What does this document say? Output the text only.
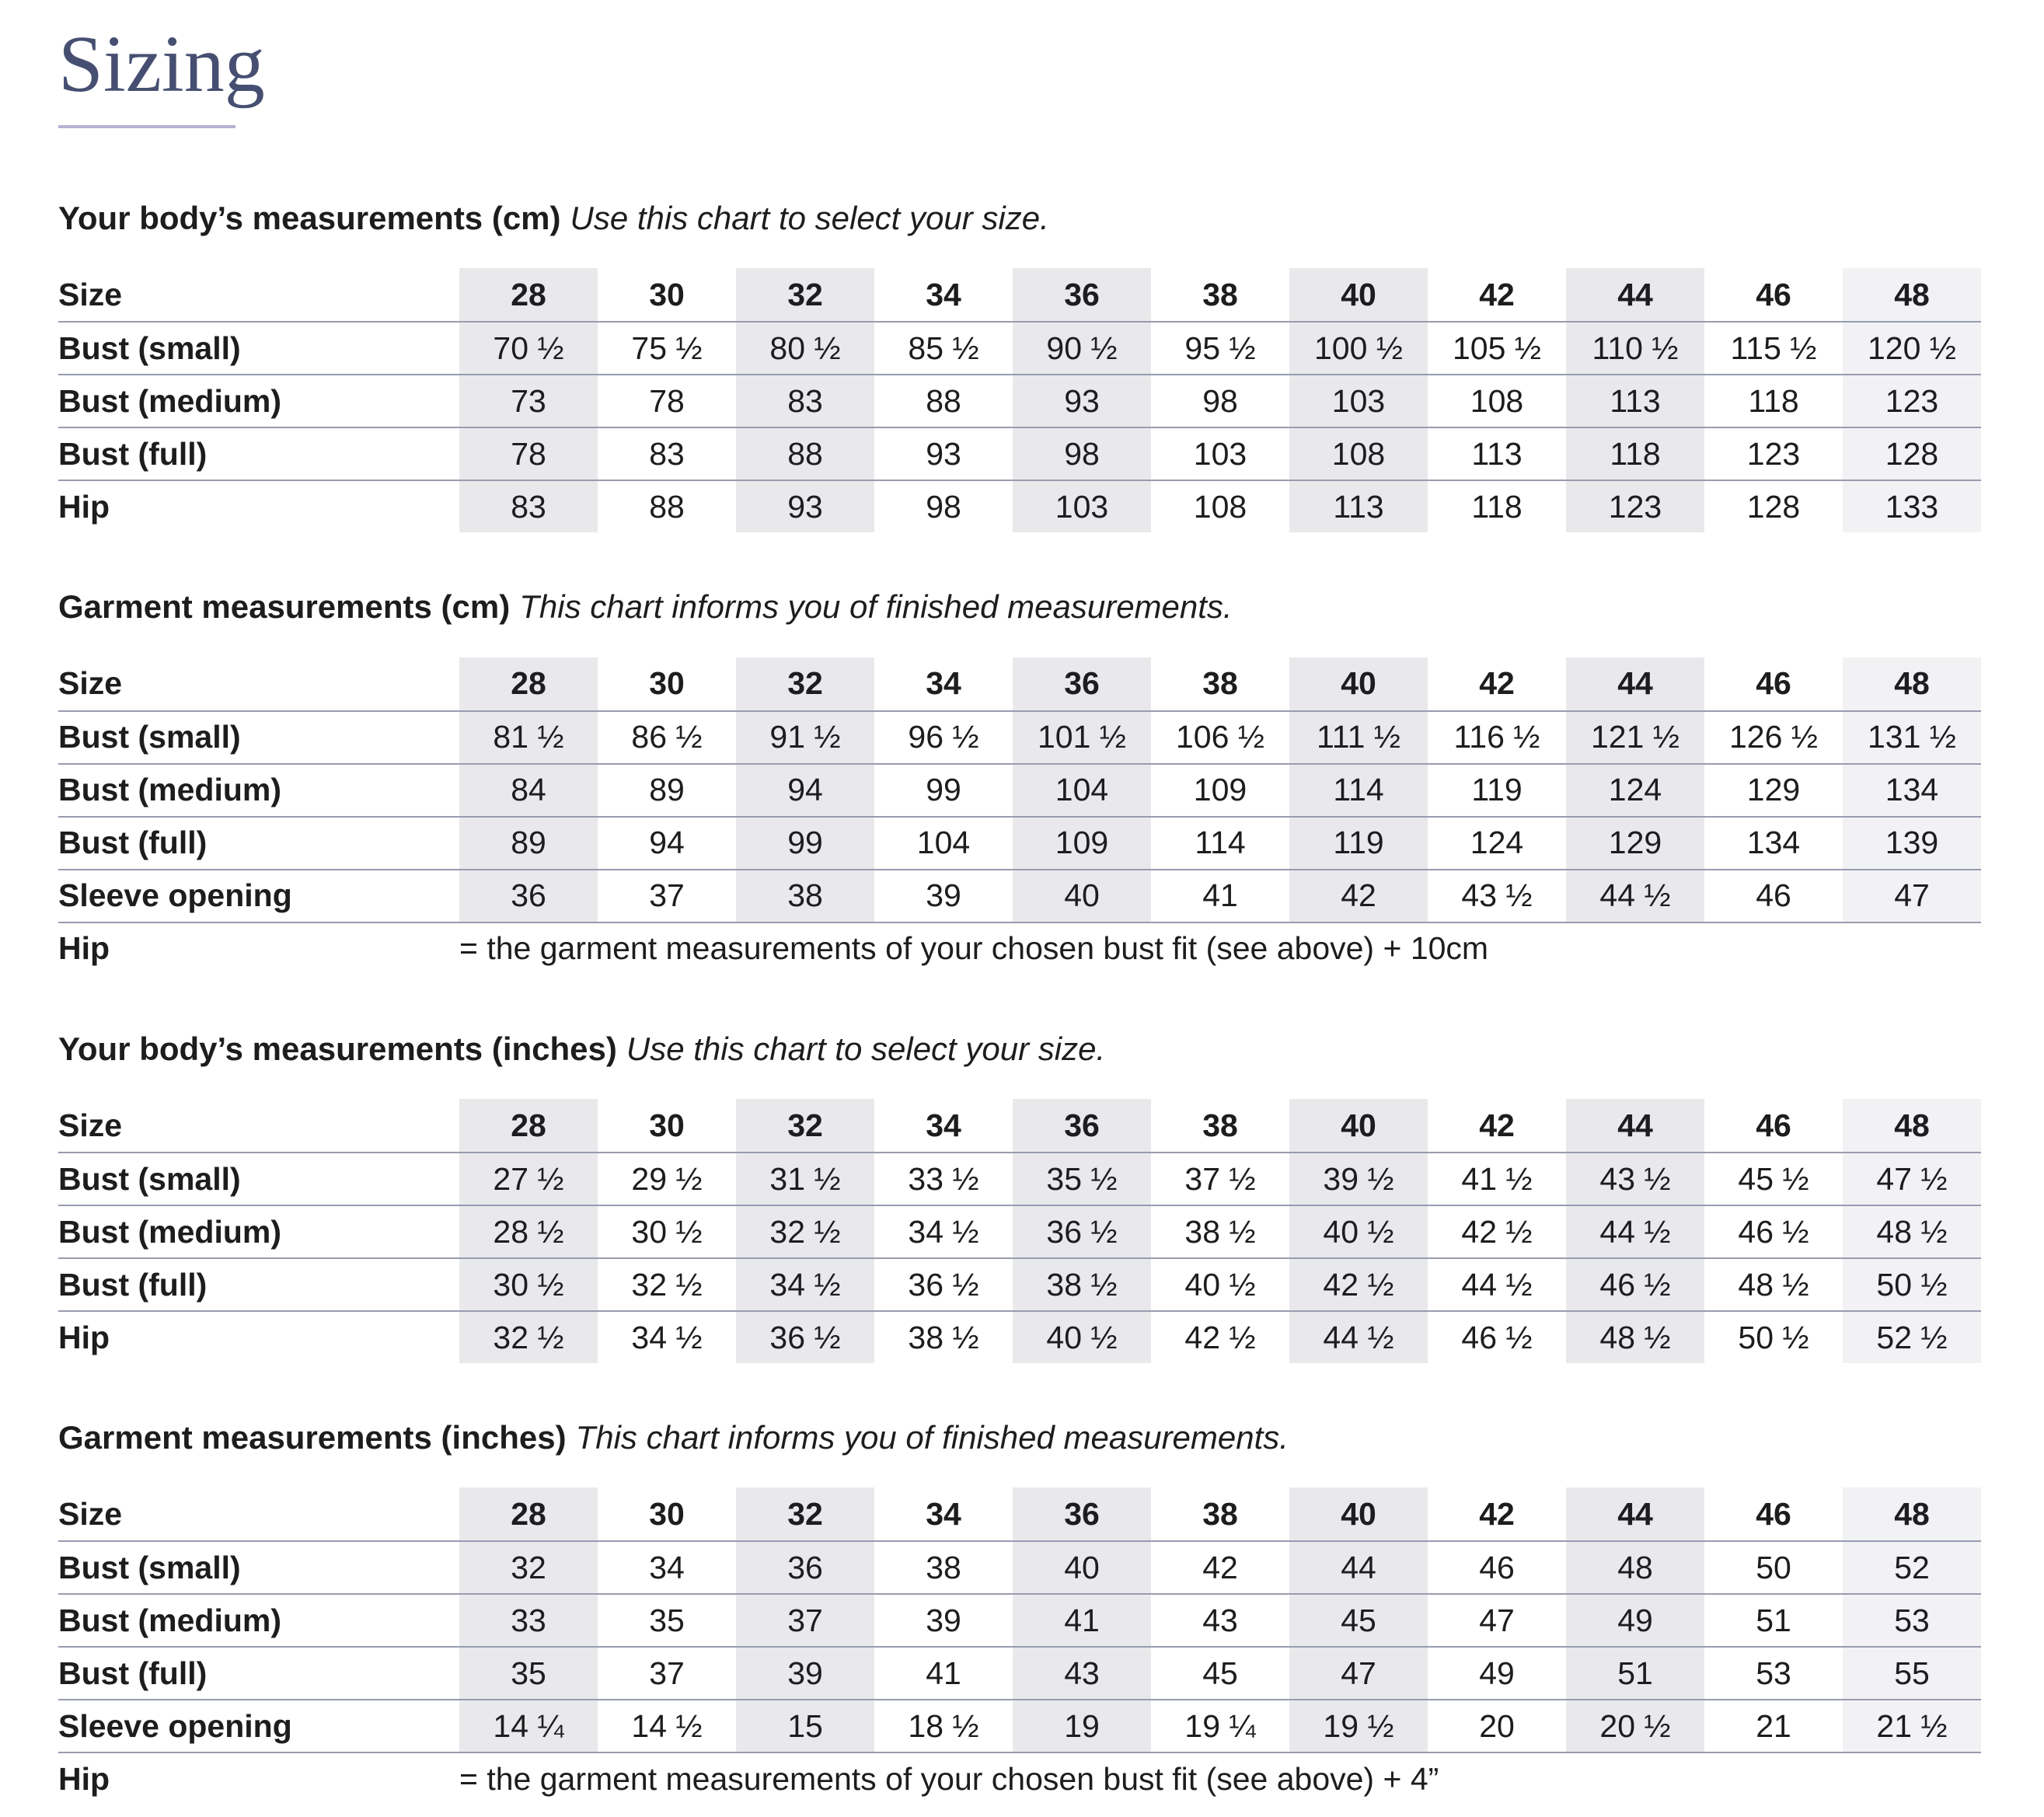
Sizing
Your body’s measurements (cm) Use this chart to select your size.
Size	28	30	32	34	36	38	40	42	44	46	48
Bust (small)	70 ½	75 ½	80 ½	85 ½	90 ½	95 ½	100 ½	105 ½	110 ½	115 ½	120 ½
Bust (medium)	73	78	83	88	93	98	103	108	113	118	123
Bust (full)	78	83	88	93	98	103	108	113	118	123	128
Hip	83	88	93	98	103	108	113	118	123	128	133
Garment measurements (cm) This chart informs you of finished measurements.
Size	28	30	32	34	36	38	40	42	44	46	48
Bust (small)	81 ½	86 ½	91 ½	96 ½	101 ½	106 ½	111 ½	116 ½	121 ½	126 ½	131 ½
Bust (medium)	84	89	94	99	104	109	114	119	124	129	134
Bust (full)	89	94	99	104	109	114	119	124	129	134	139
Sleeve opening	36	37	38	39	40	41	42	43 ½	44 ½	46	47
Hip	= the garment measurements of your chosen bust fit (see above) + 10cm
Your body’s measurements (inches) Use this chart to select your size.
Size	28	30	32	34	36	38	40	42	44	46	48
Bust (small)	27 ½	29 ½	31 ½	33 ½	35 ½	37 ½	39 ½	41 ½	43 ½	45 ½	47 ½
Bust (medium)	28 ½	30 ½	32 ½	34 ½	36 ½	38 ½	40 ½	42 ½	44 ½	46 ½	48 ½
Bust (full)	30 ½	32 ½	34 ½	36 ½	38 ½	40 ½	42 ½	44 ½	46 ½	48 ½	50 ½
Hip	32 ½	34 ½	36 ½	38 ½	40 ½	42 ½	44 ½	46 ½	48 ½	50 ½	52 ½
Garment measurements (inches) This chart informs you of finished measurements.
Size	28	30	32	34	36	38	40	42	44	46	48
Bust (small)	32	34	36	38	40	42	44	46	48	50	52
Bust (medium)	33	35	37	39	41	43	45	47	49	51	53
Bust (full)	35	37	39	41	43	45	47	49	51	53	55
Sleeve opening	14 ¼	14 ½	15	18 ½	19	19 ¼	19 ½	20	20 ½	21	21 ½
Hip	= the garment measurements of your chosen bust fit (see above) + 4”
